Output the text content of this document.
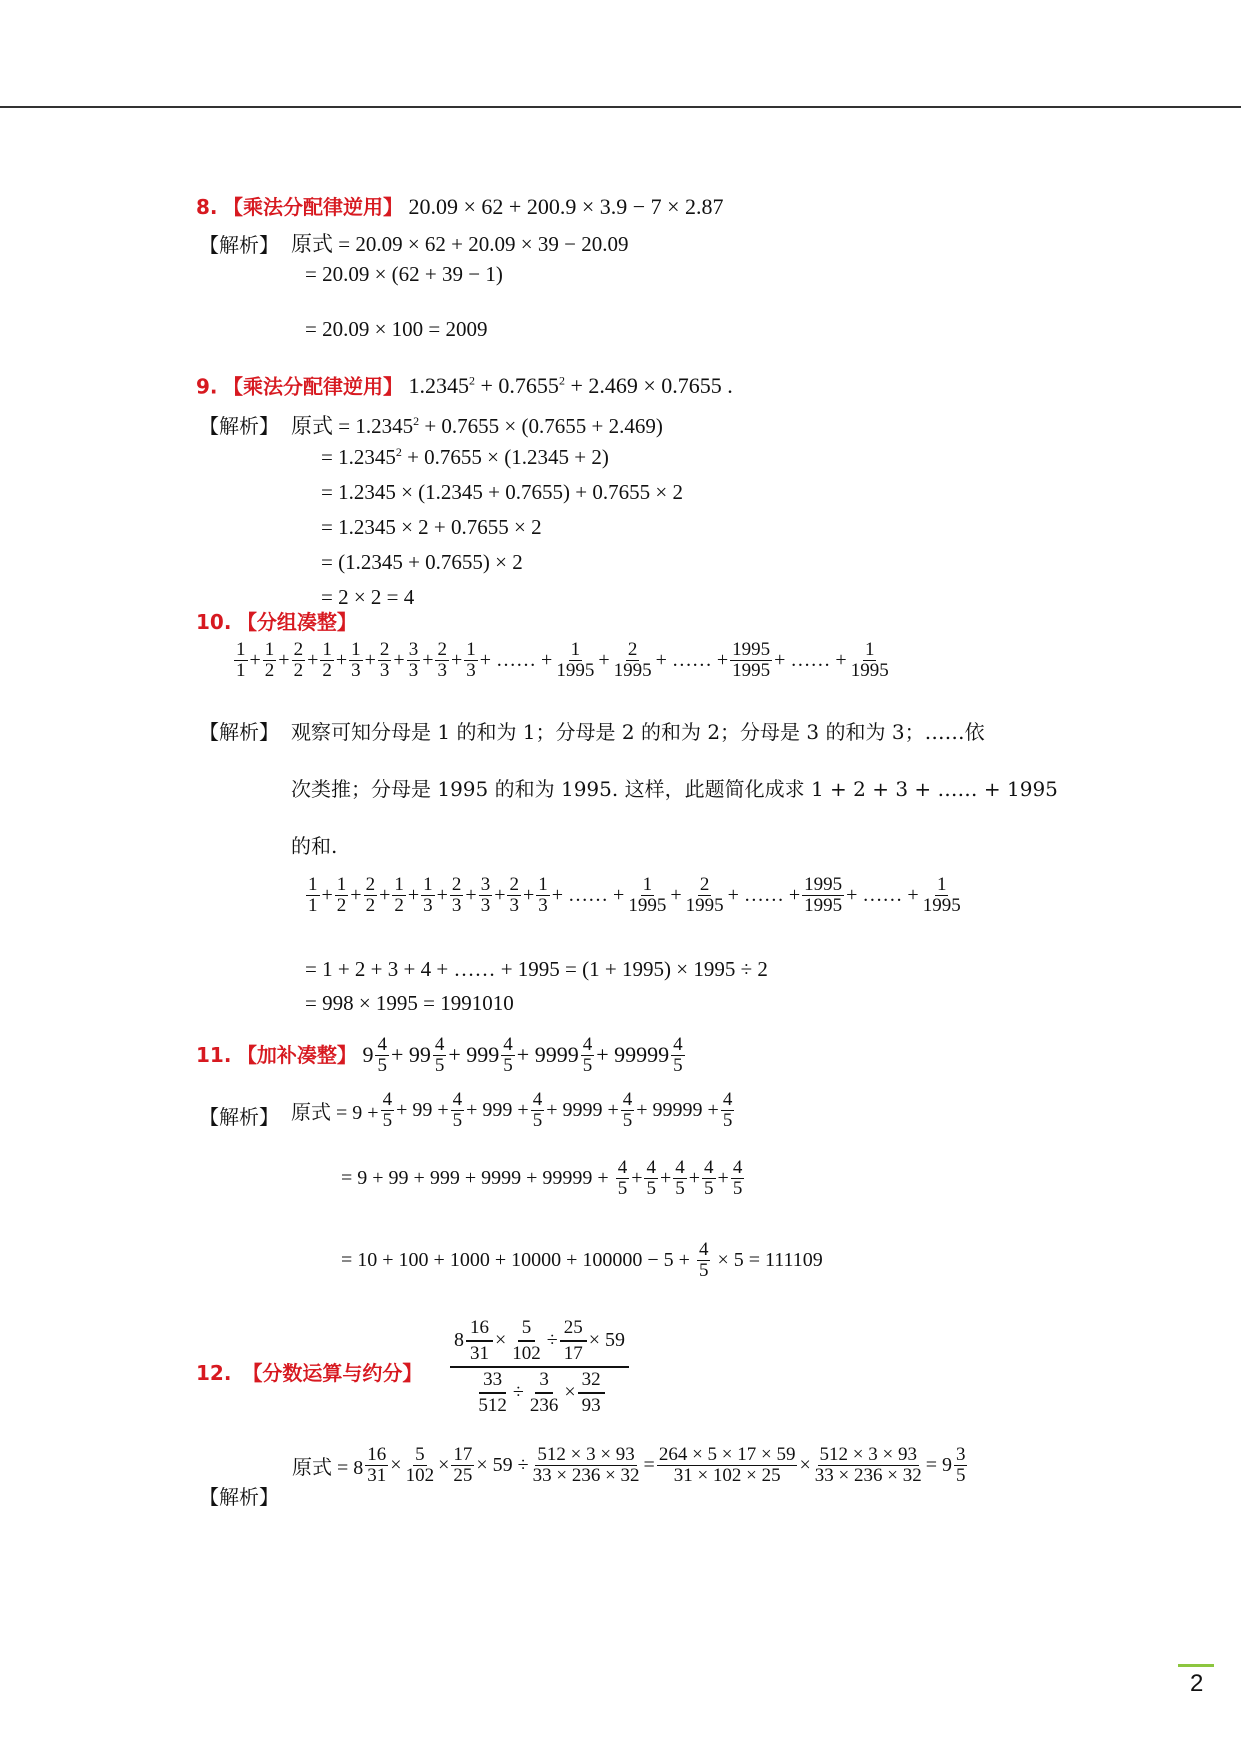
8. 【乘法分配律逆用】 20.09 × 62 + 200.9 × 3.9 − 7 × 2.87
【解析】 原式 = 20.09 × 62 + 20.09 × 39 − 20.09
= 20.09 × (62 + 39 − 1)
= 20.09 × 100 = 2009
9. 【乘法分配律逆用】 $1.2345^2 + 0.7655^2 + 2.469 \times 0.7655$ .
【解析】 原式 = $1.2345^2 + 0.7655 \times (0.7655 + 2.469)$
= $1.2345^2 + 0.7655 \times (1.2345 + 2)$
= 1.2345 × (1.2345 + 0.7655) + 0.7655 × 2
= 1.2345 × 2 + 0.7655 × 2
= (1.2345 + 0.7655) × 2
= 2 × 2 = 4
10. 【分组凑整】
$\frac{1}{1} + \frac{1}{2} + \frac{2}{2} + \frac{1}{2} + \frac{1}{3} + \frac{2}{3} + \frac{3}{3} + \frac{2}{3} + \frac{1}{3}$ + …… + $\frac{1}{1995} + \frac{2}{1995}$ + …… + $\frac{1995}{1995}$ + …… + $\frac{1}{1995}$
【解析】 观察可知分母是 1 的和为 1；分母是 2 的和为 2；分母是 3 的和为 3；……依
次类推；分母是 1995 的和为 1995. 这样，此题简化成求 1 + 2 + 3 + …… + 1995
的和.
$\frac{1}{1} + \frac{1}{2} + \frac{2}{2} + \frac{1}{2} + \frac{1}{3} + \frac{2}{3} + \frac{3}{3} + \frac{2}{3} + \frac{1}{3}$ + …… + $\frac{1}{1995} + \frac{2}{1995}$ + …… + $\frac{1995}{1995}$ + …… + $\frac{1}{1995}$
= 1 + 2 + 3 + 4 + …… + 1995 = (1 + 1995) × 1995 ÷ 2
= 998 × 1995 = 1991010
11.
【加补凑整】
$9 \frac{4}{5} + 99 \frac{4}{5} + 999 \frac{4}{5} + 9999 \frac{4}{5} + 99999 \frac{4}{5}$
【解析】 原式 = $9 + \frac{4}{5} + 99 + \frac{4}{5} + 999 + \frac{4}{5} + 9999 + \frac{4}{5} + 99999 + \frac{4}{5}$
= 9 + 99 + 999 + 9999 + 99999 +
$\frac{4}{5} + \frac{4}{5} + \frac{4}{5} + \frac{4}{5} + \frac{4}{5}$
= 10 + 100 + 1000 + 10000 + 100000 − 5 +
$\frac{4}{5}$
× 5 = 111109
12. 【分数运算与约分】
$8 \frac{16}{31} \times \frac{5}{102} \div \frac{25}{17} \times 59$
$\frac{33}{512} \div \frac{3}{236} \times \frac{32}{93}$
【解析】
原式 = $8 \frac{16}{31} \times \frac{5}{102} \times \frac{17}{25} \times 59 \div \frac{512 \times 3 \times 93}{33 \times 236 \times 32} = \frac{264 \times 5 \times 17 \times 59}{31 \times 102 \times 25} \times \frac{512 \times 3 \times 93}{33 \times 236 \times 32} = 9 \frac{3}{5}$
2
